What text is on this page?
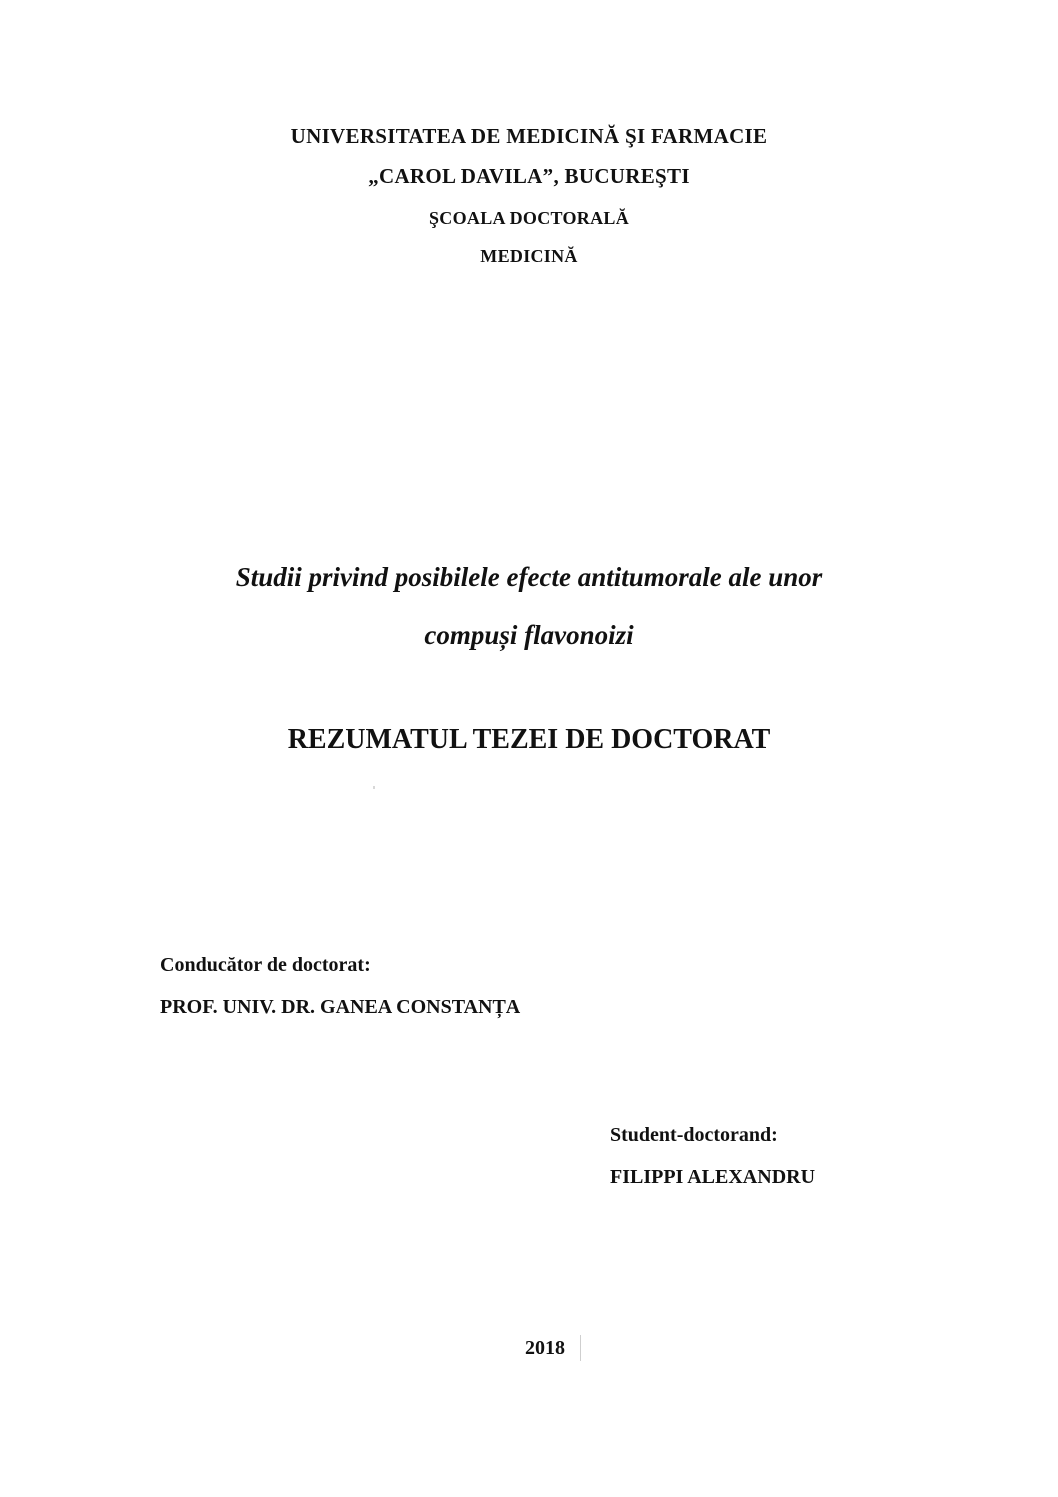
UNIVERSITATEA DE MEDICINĂ ŞI FARMACIE

„CAROL DAVILA”, BUCUREŞTI

ŞCOALA DOCTORALĂ

MEDICINĂ

Studii privind posibilele efecte antitumorale ale unor

compuși flavonoizi

REZUMATUL TEZEI DE DOCTORAT

Conducător de doctorat:

PROF. UNIV. DR. GANEA CONSTANȚA

Student-doctorand:

FILIPPI ALEXANDRU

2018
